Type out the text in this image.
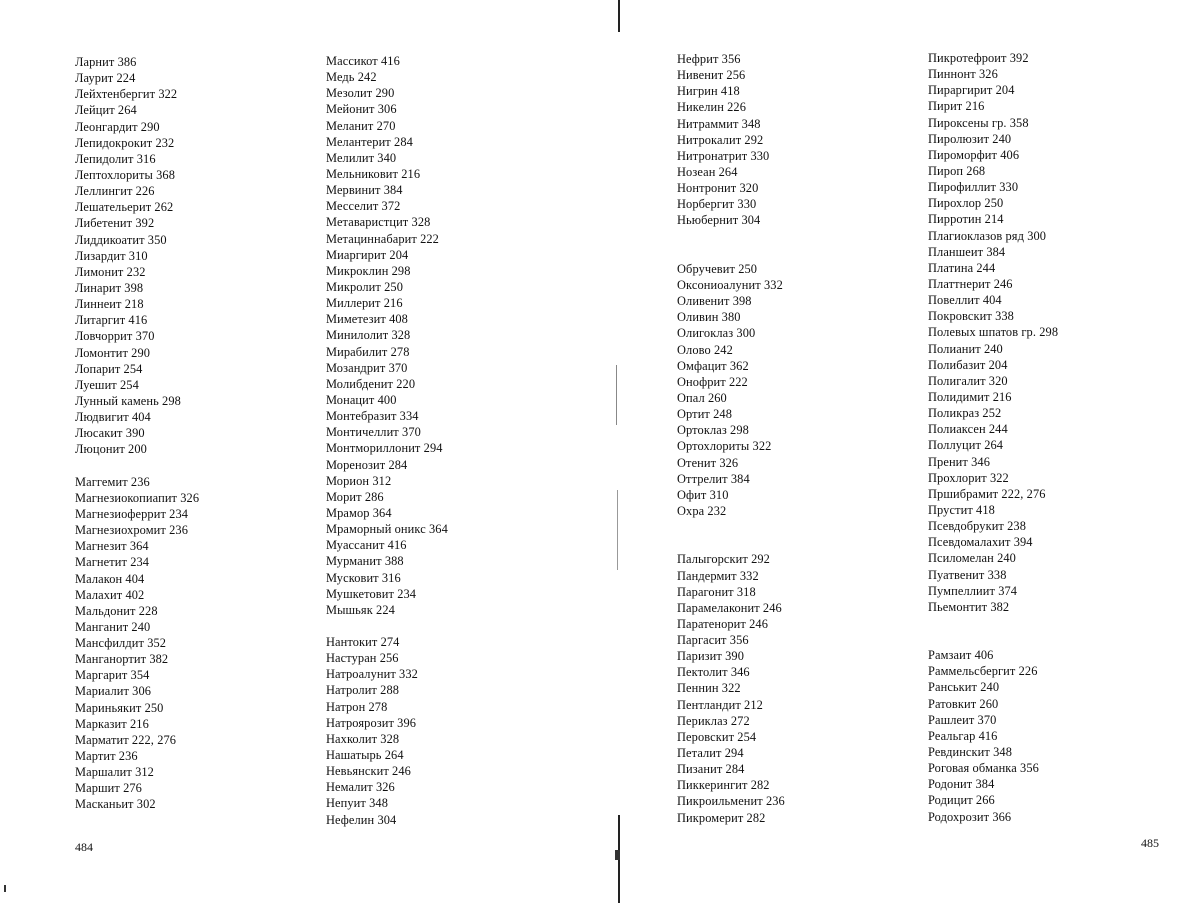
Ларнит 386
Лаурит 224
Лейхтенбергит 322
Лейцит 264
Леонгардит 290
Лепидокрокит 232
Лепидолит 316
Лептохлориты 368
Леллингит 226
Лешательерит 262
Либетенит 392
Лиддикоатит 350
Лизардит 310
Лимонит 232
Линарит 398
Линнеит 218
Литаргит 416
Ловчоррит 370
Ломонтит 290
Лопарит 254
Луешит 254
Лунный камень 298
Людвигит 404
Люсакит 390
Люцонит 200
Маггемит 236
Магнезиокопиапит 326
Магнезиоферрит 234
Магнезиохромит 236
Магнезит 364
Магнетит 234
Малакон 404
Малахит 402
Мальдонит 228
Манганит 240
Мансфилдит 352
Манганортит 382
Маргарит 354
Мариалит 306
Мариньякит 250
Марказит 216
Марматит 222, 276
Мартит 236
Маршалит 312
Маршит 276
Масканьит 302
Массикот 416
Медь 242
Мезолит 290
Мейонит 306
Меланит 270
Мелантерит 284
Мелилит 340
Мельниковит 216
Мервинит 384
Месселит 372
Метаваристцит 328
Метациннабарит 222
Миаргирит 204
Микроклин 298
Микролит 250
Миллерит 216
Миметезит 408
Минилолит 328
Мирабилит 278
Мозандрит 370
Молибденит 220
Монацит 400
Монтебразит 334
Монтичеллит 370
Монтмориллонит 294
Моренозит 284
Морион 312
Морит 286
Мрамор 364
Мраморный оникс 364
Муассанит 416
Мурманит 388
Мусковит 316
Мушкетовит 234
Мышьяк 224
Нантокит 274
Настуран 256
Натроалунит 332
Натролит 288
Натрон 278
Натроярозит 396
Нахколит 328
Нашатырь 264
Невьянскит 246
Немалит 326
Непуит 348
Нефелин 304
Нефрит 356
Нивенит 256
Нигрин 418
Никелин 226
Нитраммит 348
Нитрокалит 292
Нитронатрит 330
Нозеан 264
Нонтронит 320
Норбергит 330
Ньюбернит 304
Обручевит 250
Оксониоалунит 332
Оливенит 398
Оливин 380
Олигоклаз 300
Олово 242
Омфацит 362
Онофрит 222
Опал 260
Ортит 248
Ортоклаз 298
Ортохлориты 322
Отенит 326
Оттрелит 384
Офит 310
Охра 232
Палыгорскит 292
Пандермит 332
Парагонит 318
Парамелаконит 246
Паратенорит 246
Паргасит 356
Паризит 390
Пектолит 346
Пеннин 322
Пентландит 212
Периклаз 272
Перовскит 254
Петалит 294
Пизанит 284
Пиккерингит 282
Пикроильменит 236
Пикромерит 282
Пикротефроит 392
Пиннонт 326
Пираргирит 204
Пирит 216
Пироксены гр. 358
Пиролюзит 240
Пироморфит 406
Пироп 268
Пирофиллит 330
Пирохлор 250
Пирротин 214
Плагиоклазов ряд 300
Планшеит 384
Платина 244
Платтнерит 246
Повеллит 404
Покровскит 338
Полевых шпатов гр. 298
Полианит 240
Полибазит 204
Полигалит 320
Полидимит 216
Поликраз 252
Полиаксен 244
Поллуцит 264
Пренит 346
Прохлорит 322
Пршибрамит 222, 276
Прустит 418
Псевдобрукит 238
Псевдомалахит 394
Псиломелан 240
Пуатвенит 338
Пумпеллиит 374
Пьемонтит 382
Рамзаит 406
Раммельсбергит 226
Ранськит 240
Ратовкит 260
Рашлеит 370
Реальгар 416
Ревдинскит 348
Роговая обманка 356
Родонит 384
Родицит 266
Родохрозит 366
484	485
